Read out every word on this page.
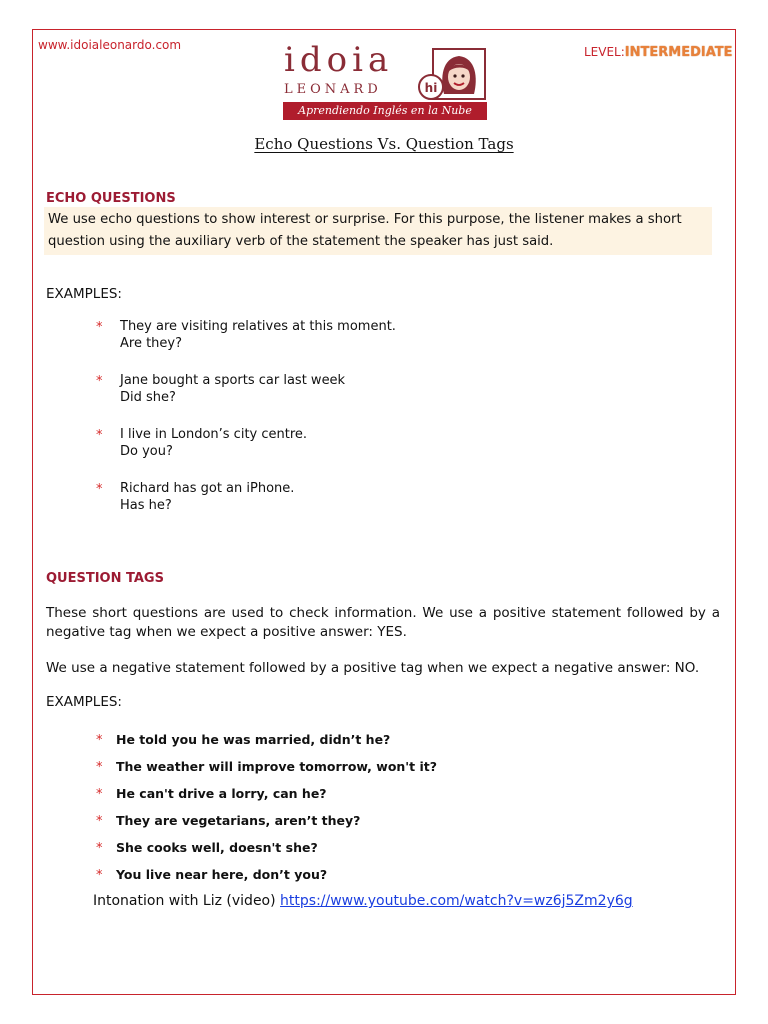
www.idoialeonardo.com	LEVEL:INTERMEDIATE
idoia
LEONARD	hi
Aprendiendo Inglés en la Nube
Echo Questions Vs. Question Tags
ECHO QUESTIONS
We use echo questions to show interest or surprise. For this purpose, the listener makes a short question using the auxiliary verb of the statement the speaker has just said.
EXAMPLES:
* They are visiting relatives at this moment.
Are they?
* Jane bought a sports car last week
Did she?
* I live in London’s city centre.
Do you?
* Richard has got an iPhone.
Has he?
QUESTION TAGS
These short questions are used to check information. We use a positive statement followed by a negative tag when we expect a positive answer: YES.
We use a negative statement followed by a positive tag when we expect a negative answer: NO.
EXAMPLES:
* He told you he was married, didn’t he?
* The weather will improve tomorrow, won't it?
* He can't drive a lorry, can he?
* They are vegetarians, aren’t they?
* She cooks well, doesn't she?
* You live near here, don’t you?
Intonation with Liz (video) https://www.youtube.com/watch?v=wz6j5Zm2y6g
